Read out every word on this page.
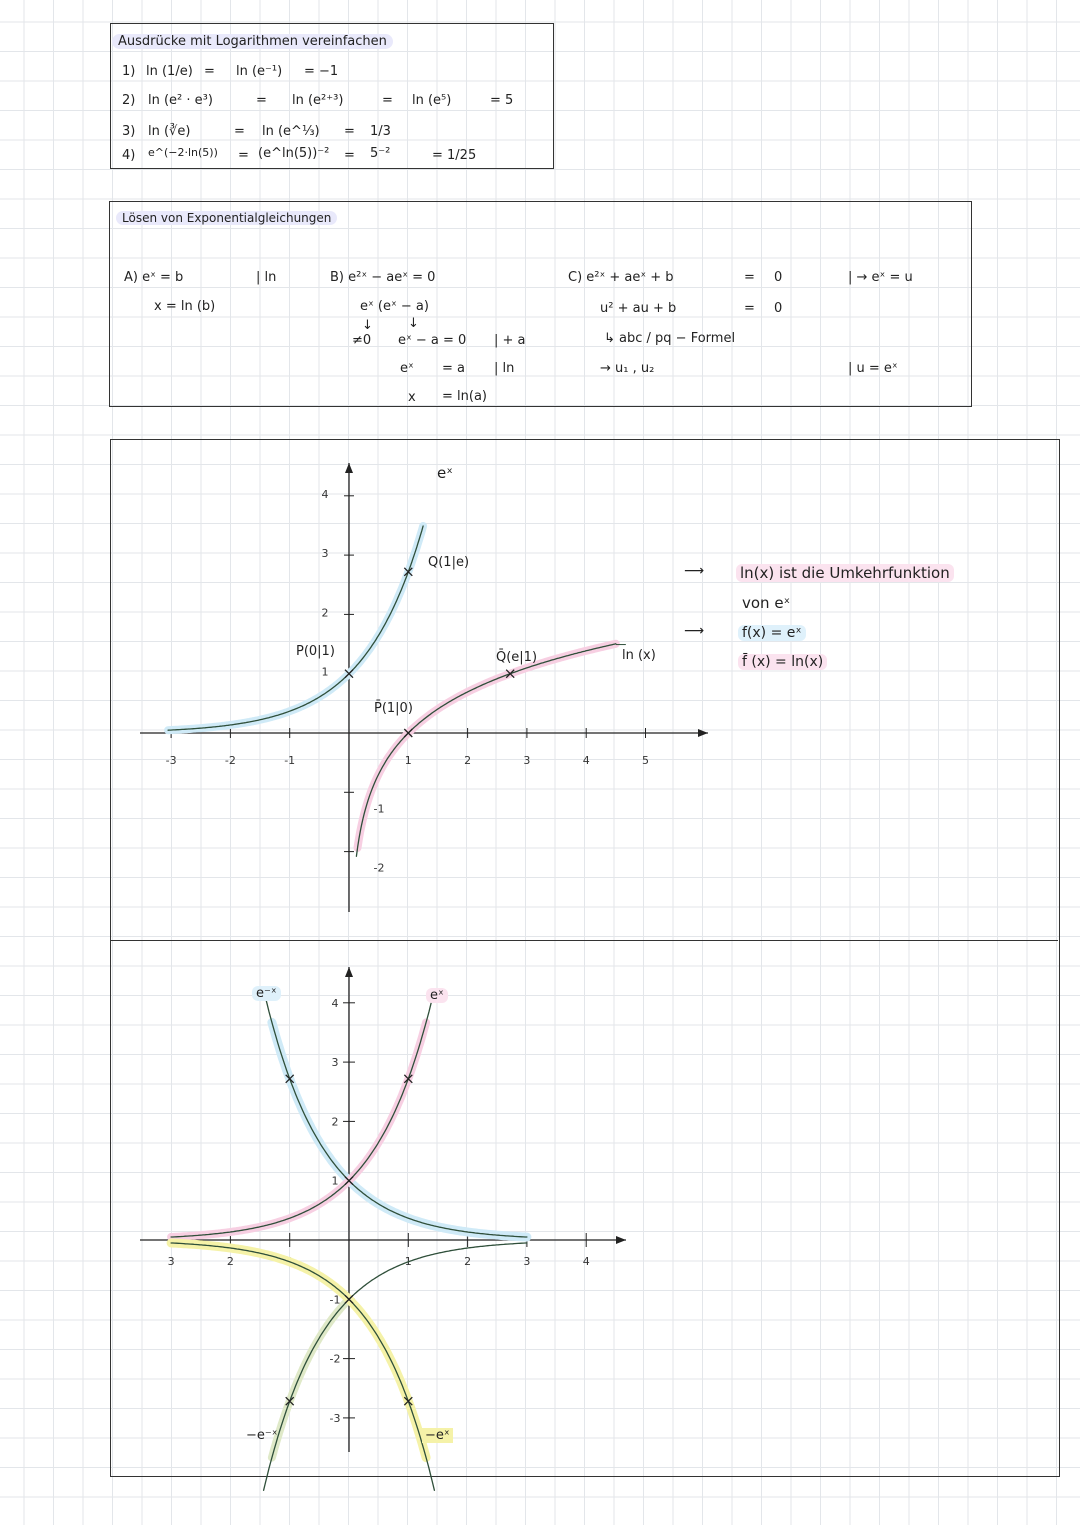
Ausdrücke mit Logarithmen vereinfachen
1) ln (1/e) = ln (e⁻¹) = −1
2) ln (e² · e³)	= ln (e²⁺³)	= ln (e⁵)	= 5
3) ln (∛e)	= ln (e^⅓) = 1/3
4) e^(−2·ln(5)) = (e^ln(5))⁻² = 5⁻²	= 1/25
Lösen von Exponentialgleichungen
A) eˣ = b	| ln
x = ln (b)
B) e²ˣ − aeˣ = 0
eˣ (eˣ − a)
↓	↓
≠0 eˣ − a = 0 | + a
eˣ = a | ln
x = ln(a)
C) e²ˣ + aeˣ + b	= 0	| → eˣ = u
u² + au + b	= 0
↳ abc / pq − Formel
→ u₁ , u₂	| u = eˣ
-3	-2	-1	1	2	3	4	5
4
3
2
1
-1
-2
3	2	1	1	2	3	4
4
3
2
1
-1
-2
-3
eˣ
ln (x)
Q(1|e)
P(0|1)	Q̄(e|1)
P̄(1|0)
⟶ ln(x) ist die Umkehrfunktion
von eˣ
⟶	f(x) = eˣ
f̄ (x) = ln(x)
e⁻ˣ	eˣ
−e⁻ˣ	−eˣ
